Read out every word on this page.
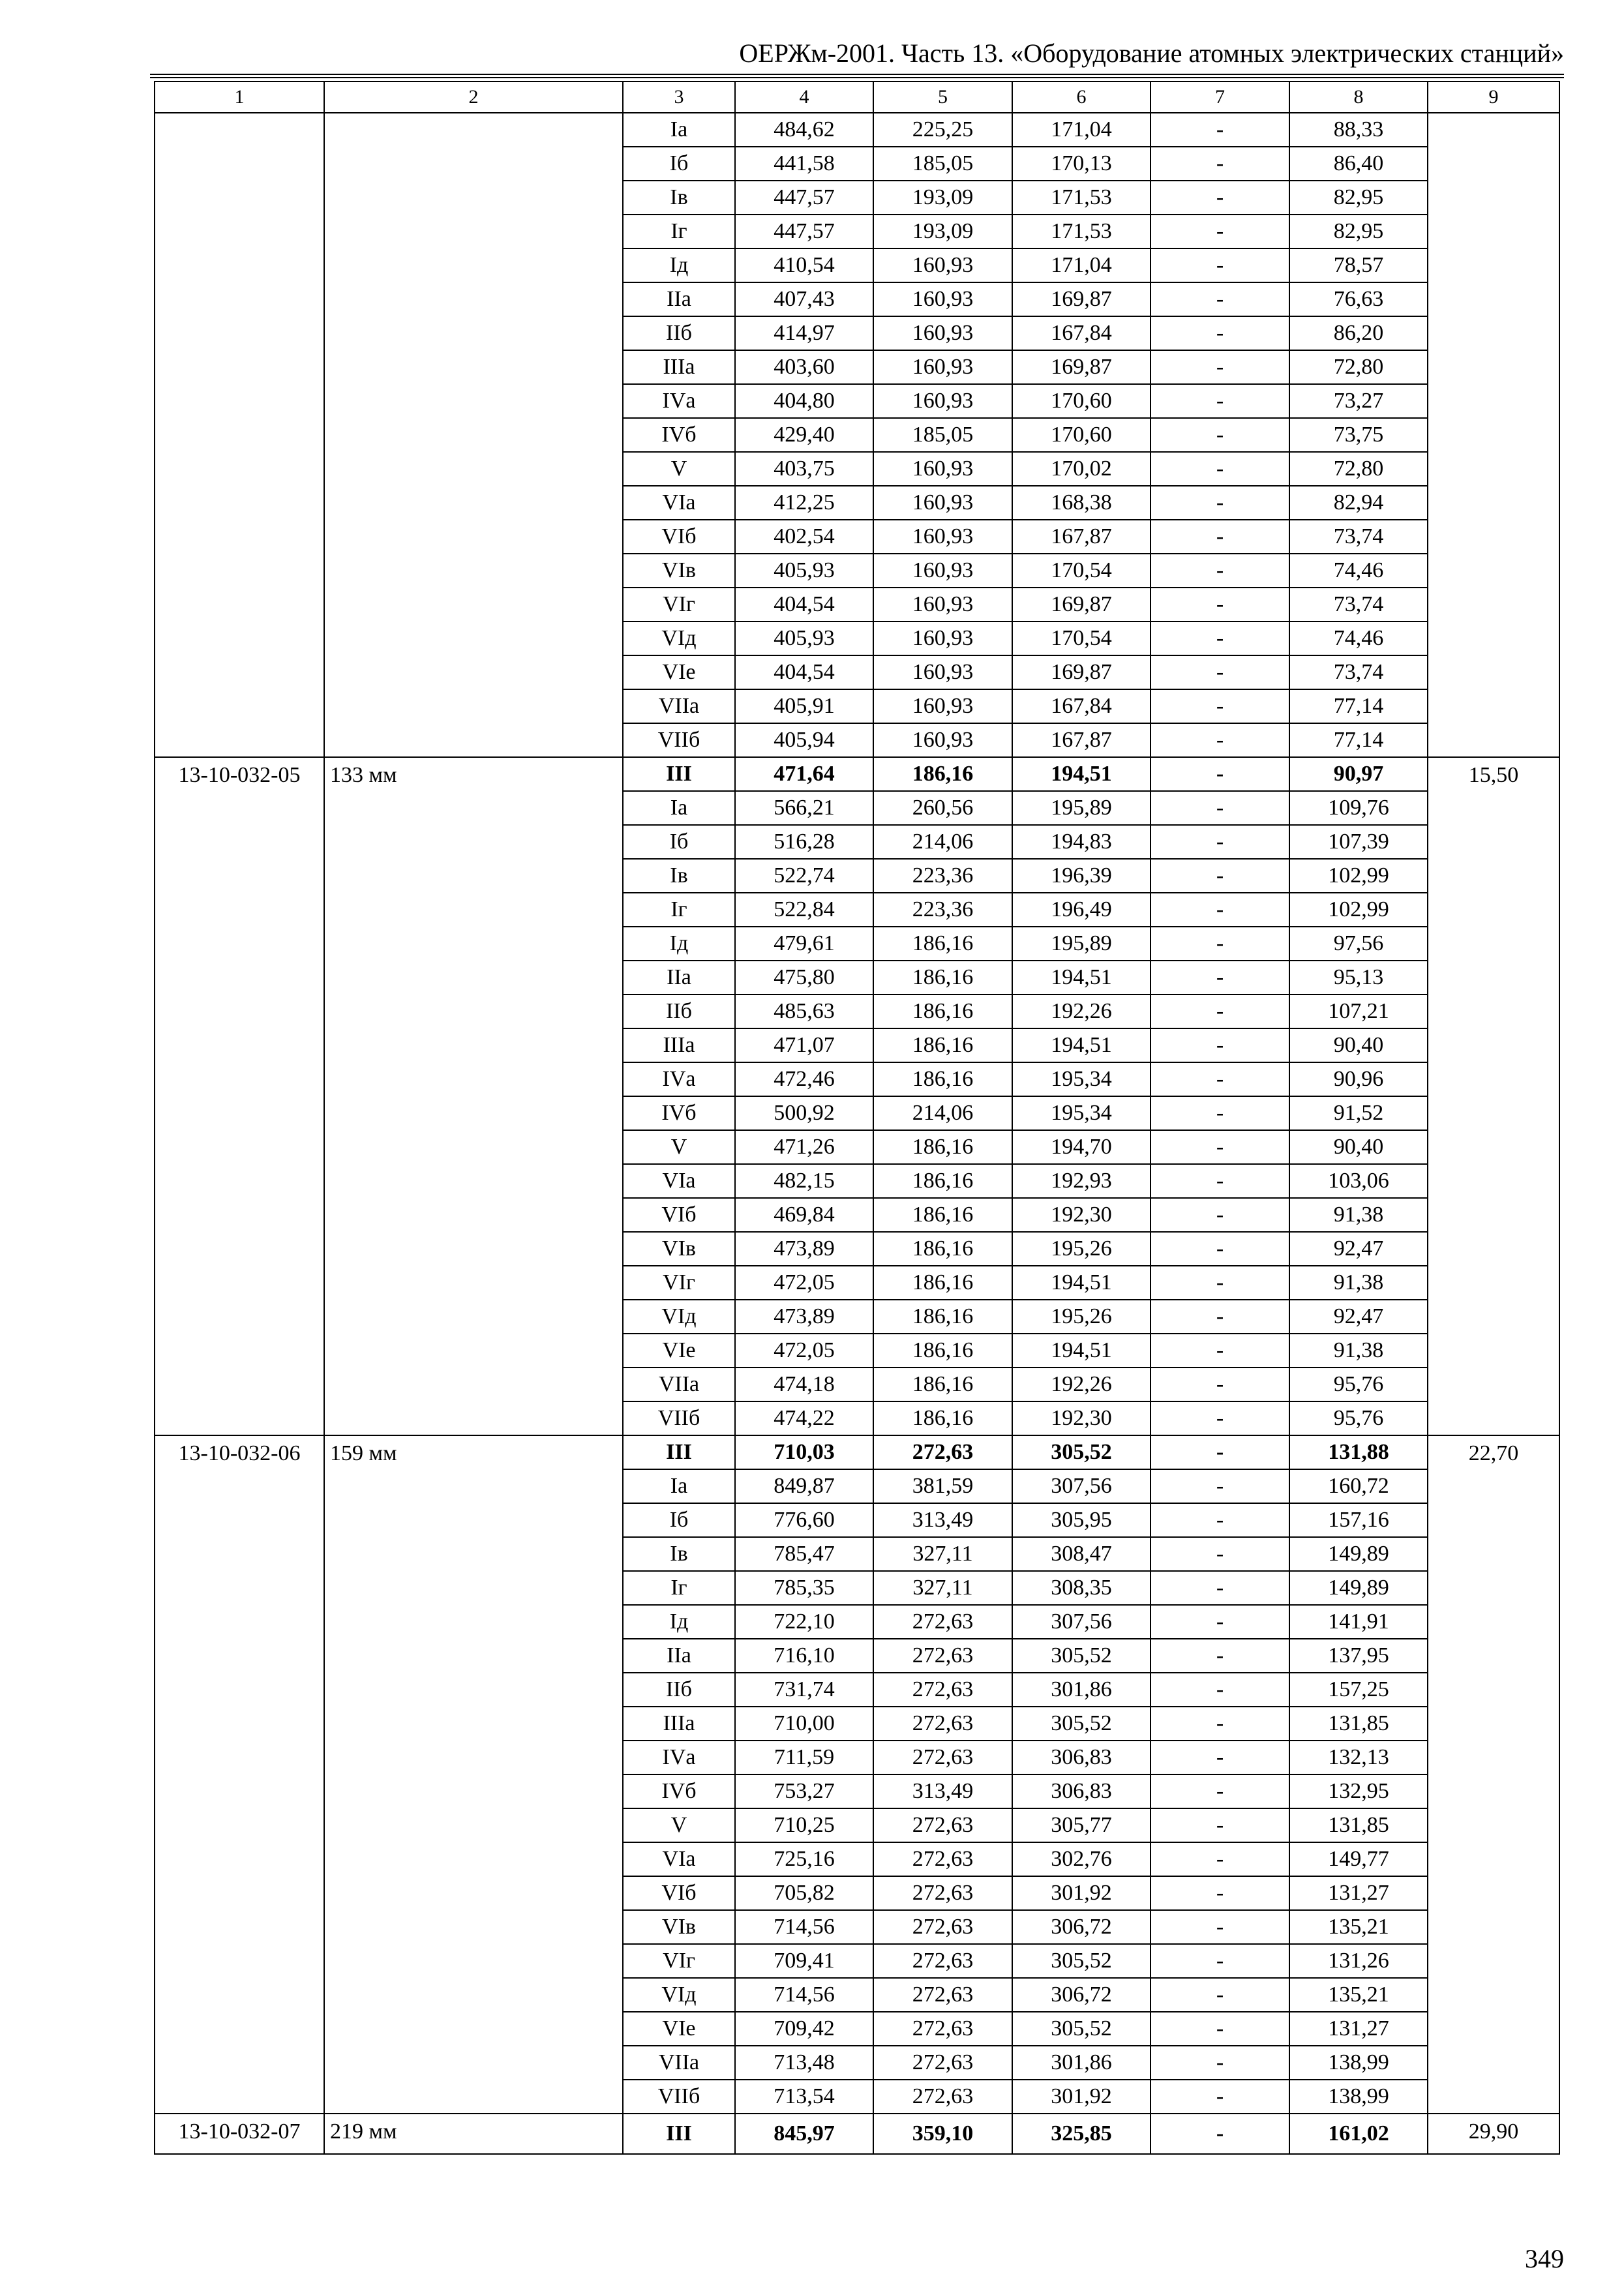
ОЕРЖм-2001. Часть 13. «Оборудование атомных электрических станций»
1	2	3	4	5	6	7	8	9
		Iа	484,62	225,25	171,04	-	88,33	
		Iб	441,58	185,05	170,13	-	86,40	
		Iв	447,57	193,09	171,53	-	82,95	
		Iг	447,57	193,09	171,53	-	82,95	
		Iд	410,54	160,93	171,04	-	78,57	
		IIа	407,43	160,93	169,87	-	76,63	
		IIб	414,97	160,93	167,84	-	86,20	
		IIIа	403,60	160,93	169,87	-	72,80	
		IVа	404,80	160,93	170,60	-	73,27	
		IVб	429,40	185,05	170,60	-	73,75	
		V	403,75	160,93	170,02	-	72,80	
		VIа	412,25	160,93	168,38	-	82,94	
		VIб	402,54	160,93	167,87	-	73,74	
		VIв	405,93	160,93	170,54	-	74,46	
		VIг	404,54	160,93	169,87	-	73,74	
		VIд	405,93	160,93	170,54	-	74,46	
		VIе	404,54	160,93	169,87	-	73,74	
		VIIа	405,91	160,93	167,84	-	77,14	
		VIIб	405,94	160,93	167,87	-	77,14	
13-10-032-05	133 мм	III	471,64	186,16	194,51	-	90,97	15,50
		Iа	566,21	260,56	195,89	-	109,76	
		Iб	516,28	214,06	194,83	-	107,39	
		Iв	522,74	223,36	196,39	-	102,99	
		Iг	522,84	223,36	196,49	-	102,99	
		Iд	479,61	186,16	195,89	-	97,56	
		IIа	475,80	186,16	194,51	-	95,13	
		IIб	485,63	186,16	192,26	-	107,21	
		IIIа	471,07	186,16	194,51	-	90,40	
		IVа	472,46	186,16	195,34	-	90,96	
		IVб	500,92	214,06	195,34	-	91,52	
		V	471,26	186,16	194,70	-	90,40	
		VIа	482,15	186,16	192,93	-	103,06	
		VIб	469,84	186,16	192,30	-	91,38	
		VIв	473,89	186,16	195,26	-	92,47	
		VIг	472,05	186,16	194,51	-	91,38	
		VIд	473,89	186,16	195,26	-	92,47	
		VIе	472,05	186,16	194,51	-	91,38	
		VIIа	474,18	186,16	192,26	-	95,76	
		VIIб	474,22	186,16	192,30	-	95,76	
13-10-032-06	159 мм	III	710,03	272,63	305,52	-	131,88	22,70
		Iа	849,87	381,59	307,56	-	160,72	
		Iб	776,60	313,49	305,95	-	157,16	
		Iв	785,47	327,11	308,47	-	149,89	
		Iг	785,35	327,11	308,35	-	149,89	
		Iд	722,10	272,63	307,56	-	141,91	
		IIа	716,10	272,63	305,52	-	137,95	
		IIб	731,74	272,63	301,86	-	157,25	
		IIIа	710,00	272,63	305,52	-	131,85	
		IVа	711,59	272,63	306,83	-	132,13	
		IVб	753,27	313,49	306,83	-	132,95	
		V	710,25	272,63	305,77	-	131,85	
		VIа	725,16	272,63	302,76	-	149,77	
		VIб	705,82	272,63	301,92	-	131,27	
		VIв	714,56	272,63	306,72	-	135,21	
		VIг	709,41	272,63	305,52	-	131,26	
		VIд	714,56	272,63	306,72	-	135,21	
		VIе	709,42	272,63	305,52	-	131,27	
		VIIа	713,48	272,63	301,86	-	138,99	
		VIIб	713,54	272,63	301,92	-	138,99	
13-10-032-07	219 мм	III	845,97	359,10	325,85	-	161,02	29,90
349
